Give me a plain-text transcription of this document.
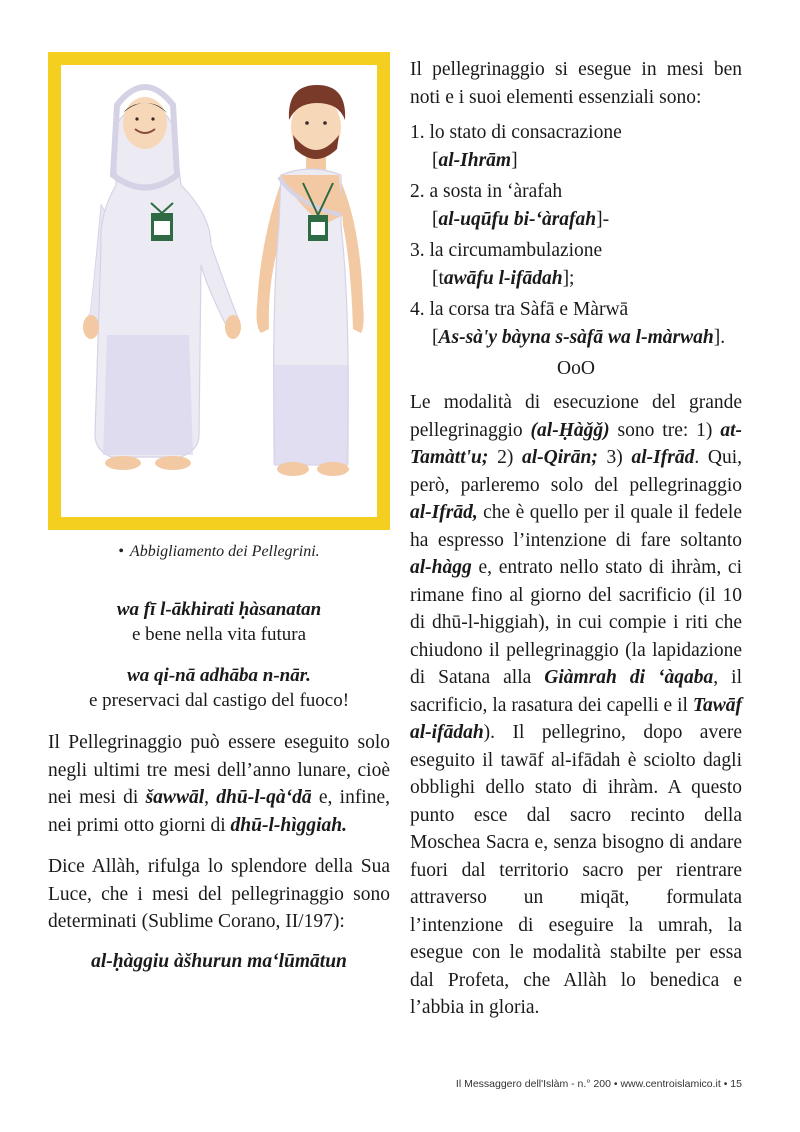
• Abbigliamento dei Pellegrini.
wa fī l-ākhirati ḥàsanatan
e bene nella vita futura
wa qi-nā adhāba n-nār.
e preservaci dal castigo del fuoco!

Il Pellegrinaggio può essere eseguito solo negli ultimi tre mesi dell’anno lunare, cioè nei mesi di šawwāl, dhū-l-qà‘dā e, infine, nei primi otto giorni di dhū-l-hìggiah.

Dice Allàh, rifulga lo splendore della Sua Luce, che i mesi del pellegrinaggio sono determinati (Sublime Corano, II/197):

al-ḥàggiu àšhurun ma‘lūmātun

Il pellegrinaggio si esegue in mesi ben noti e i suoi elementi essenziali sono:

1. lo stato di consacrazione
[al-Ihrām]
2. a sosta in ‘àrafah
[al-uqūfu bi-‘àrafah]-
3. la circumambulazione
[tawāfu l-ifādah];
4. la corsa tra Sàfā e Màrwā
[As-sà'y bàyna s-sàfā wa l-màrwah].
OoO

Le modalità di esecuzione del grande pellegrinaggio (al-Ḥàǧǧ) sono tre: 1) at-Tamàtt'u; 2) al-Qirān; 3) al-Ifrād. Qui, però, parleremo solo del pellegrinaggio al-Ifrād, che è quello per il quale il fedele ha espresso l’intenzione di fare soltanto al-hàgg e, entrato nello stato di ihràm, ci rimane fino al giorno del sacrificio (il 10 di dhū-l-higgiah), in cui compie i riti che chiudono il pellegrinaggio (la lapidazione di Satana alla Giàmrah di ‘àqaba, il sacrificio, la rasatura dei capelli e il Tawāf al-ifādah). Il pellegrino, dopo avere eseguito il tawāf al-ifādah è sciolto dagli obblighi dello stato di ihràm. A questo punto esce dal sacro recinto della Moschea Sacra e, senza bisogno di andare fuori dal territorio sacro per rientrare attraverso un miqāt, formulata l’intenzione di eseguire la umrah, la esegue con le modalità stabilte per essa dal Profeta, che Allàh lo benedica e l’abbia in gloria.

Il Messaggero dell'Islàm - n.° 200 • www.centroislamico.it • 15
